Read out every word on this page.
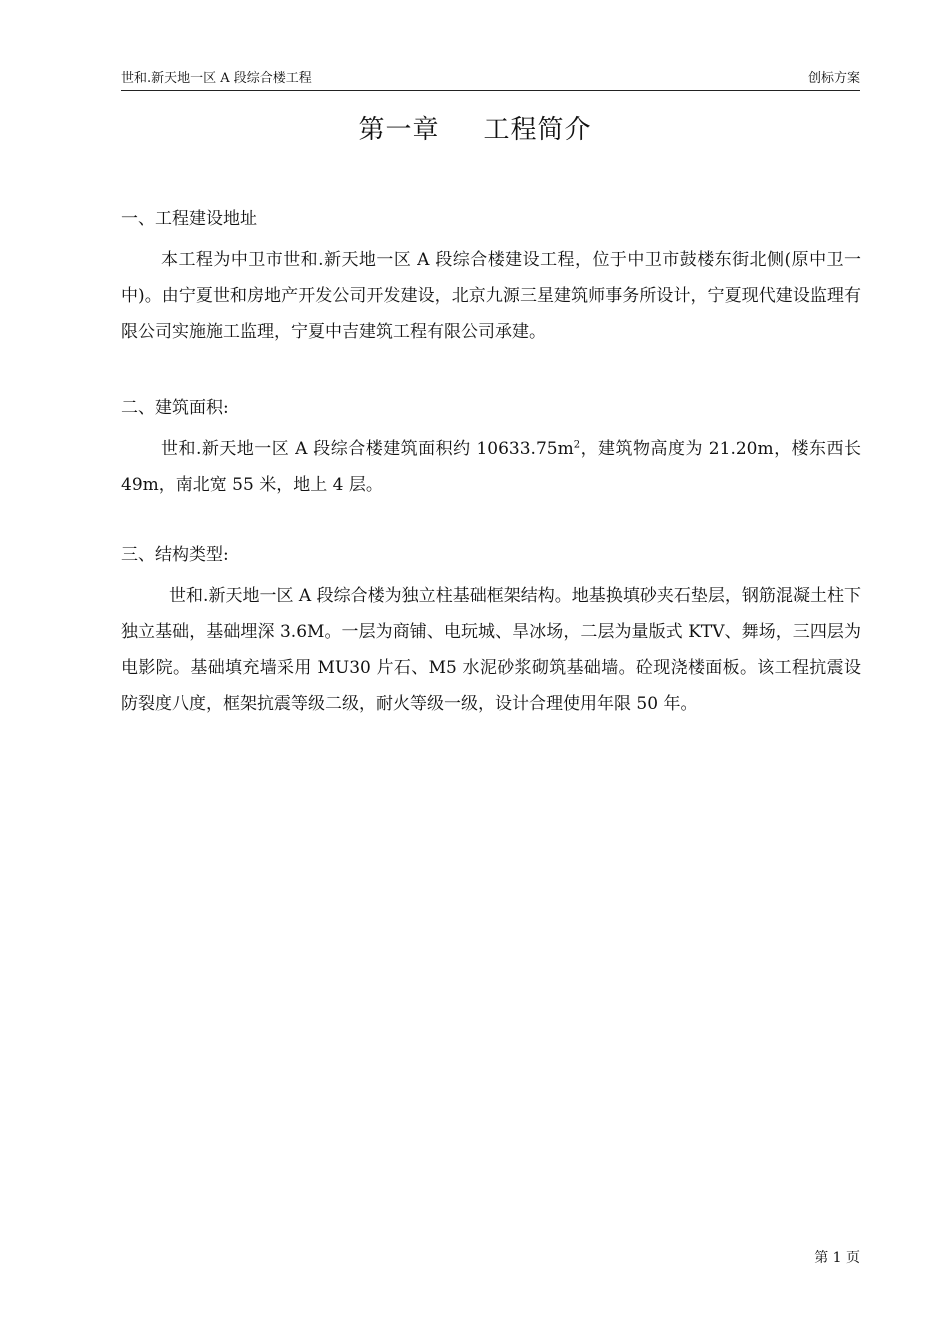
世和.新天地一区 A 段综合楼工程	创标方案
第一章 工程简介

一、工程建设地址

本工程为中卫市世和.新天地一区 A 段综合楼建设工程，位于中卫市鼓楼东街北侧(原中卫一中)。由宁夏世和房地产开发公司开发建设，北京九源三星建筑师事务所设计，宁夏现代建设监理有限公司实施施工监理，宁夏中吉建筑工程有限公司承建。

二、建筑面积:

世和.新天地一区 A 段综合楼建筑面积约 $10633.75m^2$，建筑物高度为 21.20m，楼东西长 49m，南北宽 55 米，地上 4 层。

三、结构类型:

世和.新天地一区 A 段综合楼为独立柱基础框架结构。地基换填砂夹石垫层，钢筋混凝土柱下独立基础，基础埋深 3.6M。一层为商铺、电玩城、旱冰场，二层为量版式 KTV、舞场，三四层为电影院。基础填充墙采用 MU30 片石、M5 水泥砂浆砌筑基础墙。砼现浇楼面板。该工程抗震设防裂度八度，框架抗震等级二级，耐火等级一级，设计合理使用年限 50 年。

第 1 页
